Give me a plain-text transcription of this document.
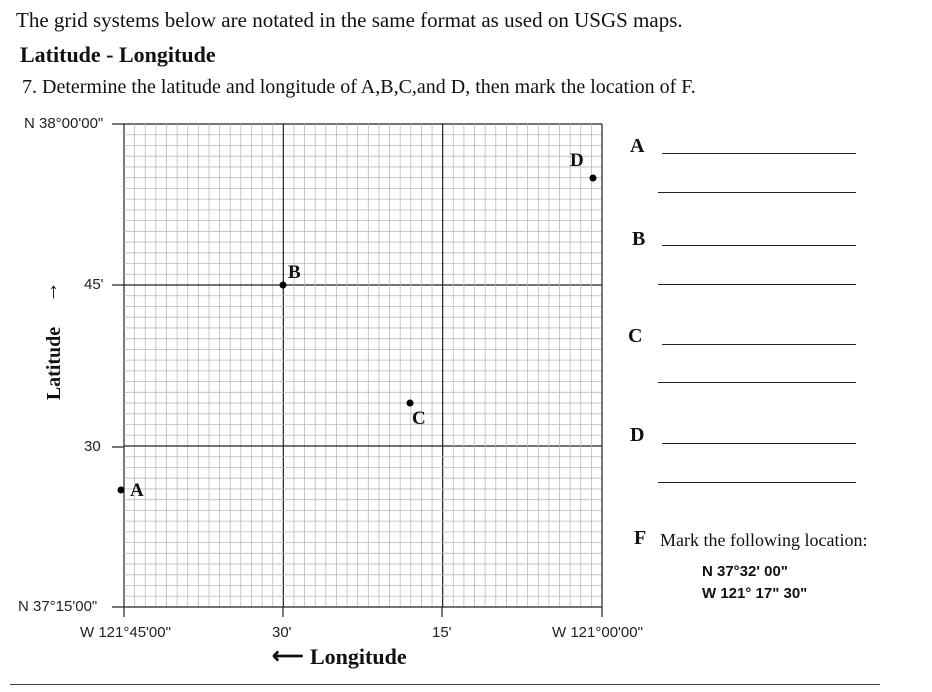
The grid systems below are notated in the same format as used on USGS maps.
Latitude - Longitude
7. Determine the latitude and longitude of A,B,C,and D, then mark the location of F.
N 38°00'00"
45'
30
N 37°15'00"
W 121°45'00"	30'	15'	W 121°00'00"
↑
Latitude
⟵ Longitude
A
B
C
D
A
B
C
D
F Mark the following location:
N 37°32' 00"
W 121° 17" 30"
